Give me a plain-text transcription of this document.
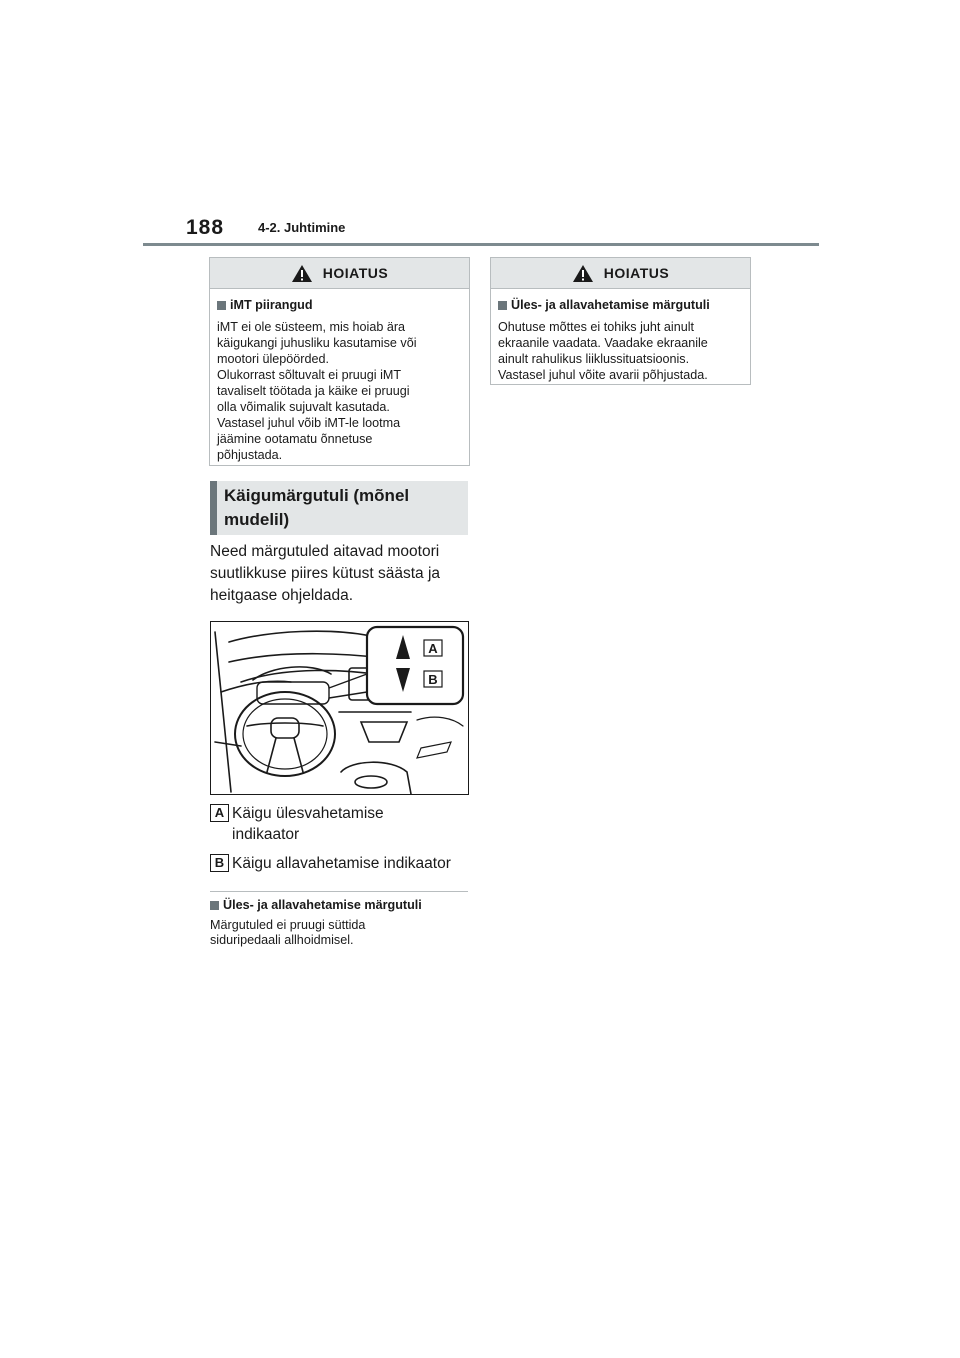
188	4-2. Juhtimine
HOIATUS
iMT piirangud
iMT ei ole süsteem, mis hoiab ära
käigukangi juhusliku kasutamise või
mootori ülepöörded.
Olukorrast sõltuvalt ei pruugi iMT
tavaliselt töötada ja käike ei pruugi
olla võimalik sujuvalt kasutada.
Vastasel juhul võib iMT-le lootma
jäämine ootamatu õnnetuse
põhjustada.
HOIATUS
Üles- ja allavahetamise märgutuli
Ohutuse mõttes ei tohiks juht ainult
ekraanile vaadata. Vaadake ekraanile
ainult rahulikus liiklussituatsioonis.
Vastasel juhul võite avarii põhjustada.
Käigumärgutuli (mõnel
mudelil)
Need märgutuled aitavad mootori
suutlikkuse piires kütust säästa ja
heitgaase ohjeldada.
A
B
A Käigu ülesvahetamise
indikaator
B Käigu allavahetamise indikaator
Üles- ja allavahetamise märgutuli
Märgutuled ei pruugi süttida
siduripedaali allhoidmisel.
